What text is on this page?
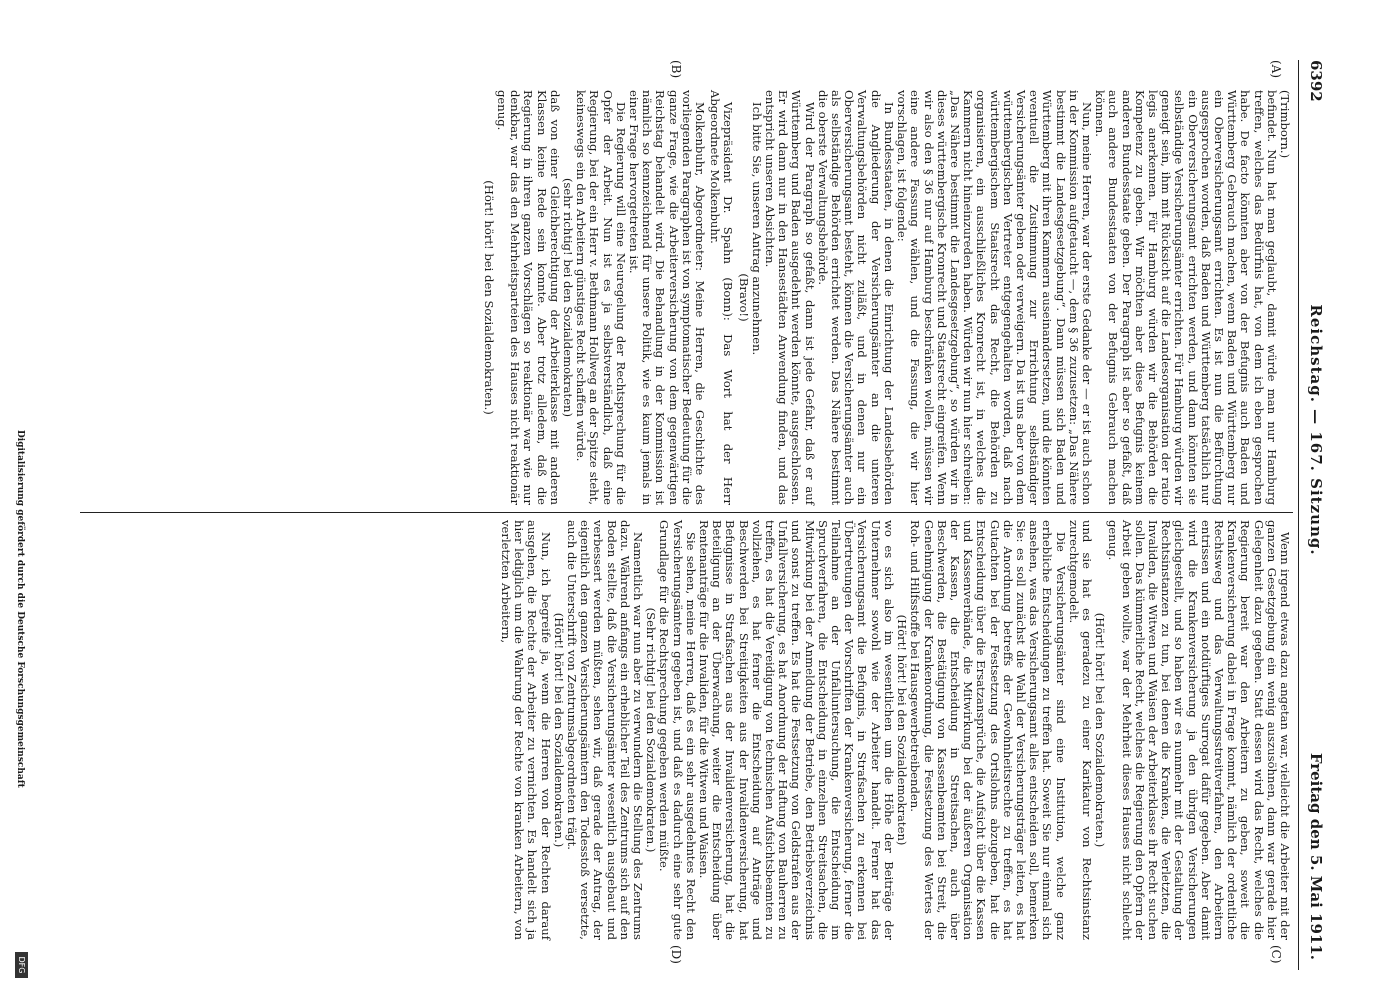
6392
Reichstag. — 167. Sitzung.
Freitag den 5. Mai 1911.
(A)
(B)
(C)
(D)

(Trimborn.)

befindet. Nun hat man geglaubt, damit würde man nur Hamburg treffen, welches das Bedürfnis hat, von dem ich eben gesprochen habe. De facto könnten aber von der Befugnis auch Baden und Württemberg Gebrauch machen, wenn Baden und Württemberg nur ein Oberversicherungsamt errichten. Es ist nun die Befürchtung ausgesprochen worden, daß Baden und Württemberg tatsächlich nur ein Oberversicherungsamt errichten werden, und dann könnten sie selbständige Versicherungsämter errichten. Für Hamburg würden wir geneigt sein, ihm mit Rücksicht auf die Landesorganisation der ratio legis anerkennen. Für Hamburg würden wir die Behörden die Kompetenz zu geben. Wir möchten aber diese Befugnis keinem anderen Bundesstaate geben. Der Paragraph ist aber so gefaßt, daß auch andere Bundesstaaten von der Befugnis Gebrauch machen können.

Nun, meine Herren, war der erste Gedanke der — er ist auch schon in der Kommission aufgetaucht —, dem § 36 zuzusetzen: „Das Nähere bestimmt die Landesgesetzgebung“. Dann müssen sich Baden und Württemberg mit ihren Kammern auseinandersetzen, und die könnten eventuell die Zustimmung zur Errichtung selbständiger Versicherungsämter geben oder verweigern. Da ist uns aber von dem württembergischen Vertreter entgegengehalten worden, daß nach württembergischem Staatsrecht das Recht, die Behörden zu organisieren, ein ausschließliches Kronrecht ist, in welches die Kammern nicht hineinzureden haben. Würden wir nun hier schreiben: „Das Nähere bestimmt die Landesgesetzgebung“, so würden wir in dieses württembergische Kronrecht und Staatsrecht eingreifen. Wenn wir also den § 36 nur auf Hamburg beschränken wollen, müssen wir eine andere Fassung wählen, und die Fassung, die wir hier vorschlagen, ist folgende:

In Bundesstaaten, in denen die Einrichtung der Landesbehörden die Angliederung der Versicherungsämter an die unteren Verwaltungsbehörden nicht zuläßt, und in denen nur ein Oberversicherungsamt besteht, können die Versicherungsämter auch als selbständige Behörden errichtet werden. Das Nähere bestimmt die oberste Verwaltungsbehörde.

Wird der Paragraph so gefaßt, dann ist jede Gefahr, daß er auf Württemberg und Baden ausgedehnt werden könnte, ausgeschlossen. Er wird dann nur in den Hansestädten Anwendung finden, und das entspricht unseren Absichten.

Ich bitte Sie, unseren Antrag anzunehmen.

(Bravo!)

Vizepräsident Dr. Spahn (Bonn): Das Wort hat der Herr Abgeordnete Molkenbuhr.

Molkenbuhr, Abgeordneter: Meine Herren, die Geschichte des vorliegenden Paragraphen ist von symptomatischer Bedeutung für die ganze Frage, wie die Arbeiterversicherung von dem gegenwärtigen Reichstag behandelt wird. Die Behandlung in der Kommission ist nämlich so kennzeichnend für unsere Politik, wie es kaum jemals in einer Frage hervorgetreten ist.

Die Regierung will eine Neuregelung der Rechtsprechung für die Opfer der Arbeit. Nun ist es ja selbstverständlich, daß eine Regierung, bei der ein Herr v. Bethmann Hollweg an der Spitze steht, keineswegs ein den Arbeitern günstiges Recht schaffen würde.

(sehr richtig! bei den Sozialdemokraten)

daß von einer Gleichberechtigung der Arbeiterklasse mit anderen Klassen keine Rede sein konnte. Aber trotz alledem, daß die Regierung in ihren ganzen Vorschlägen so reaktionär war wie nur denkbar, war das den Mehrheitsparteien des Hauses nicht reaktionär genug.

(Hört! hört! bei den Sozialdemokraten.)

Wenn irgend etwas dazu angetan war, vielleicht die Arbeiter mit der ganzen Gesetzgebung ein wenig auszusöhnen, dann war gerade hier Gelegenheit dazu gegeben. Statt dessen wird das Recht, welches die Regierung bereit war den Arbeitern zu geben, soweit die Krankenversicherung dabei in Frage kommt, nämlich der ordentliche Rechtsweg und das Verwaltungsstreitverfahren, den Arbeitern entrissen und ein notdürftiges Surrogat dafür gegeben. Aber damit wird die Krankenversicherung ja den übrigen Versicherungen gleichgestellt, und so haben wir es nunmehr mit der Gestaltung der Rechtsinstanzen zu tun, bei denen die Kranken, die Verletzten, die Invaliden, die Witwen und Waisen der Arbeiterklasse ihr Recht suchen sollen. Das kümmerliche Recht, welches die Regierung den Opfern der Arbeit geben wollte, war der Mehrheit dieses Hauses nicht schlecht genug.

(Hört! hört! bei den Sozialdemokraten.)

und sie hat es geradezu zu einer Karikatur von Rechtsinstanz zurechtgemodelt.

Die Versicherungsämter sind eine Institution, welche ganz erhebliche Entscheidungen zu treffen hat. Soweit Sie nur einmal sich ansehen, was das Versicherungsamt alles entscheiden soll, bemerken Sie: es soll zunächst die Wahl der Versicherungsträger leiten, es hat die Anordnung betreffs der Gewohnheitsrechte zu treffen, es hat Gutachten bei der Festsetzung des Ortslohns abzugeben, hat die Entscheidung über die Ersatzansprüche, die Aufsicht über die Kassen und Kassenverbände, die Mitwirkung bei der äußeren Organisation der Kassen, die Entscheidung in Streitsachen, auch über Beschwerden, die Bestätigung von Kassenbeamten bei Streit, die Genehmigung der Krankenordnung, die Festsetzung des Wertes der Roh- und Hilfsstoffe bei Hausgewerbetreibenden.

(Hört! hört! bei den Sozialdemokraten)

wo es sich also im wesentlichen um die Höhe der Beiträge der Unternehmer sowohl wie der Arbeiter handelt. Ferner hat das Versicherungsamt die Befugnis, in Strafsachen zu erkennen bei Übertretungen der Vorschriften der Krankenversicherung, ferner die Teilnahme an der Unfalluntersuchung, die Entscheidung im Spruchverfahren, die Entscheidung in einzelnen Streitsachen, die Mitwirkung bei der Anmeldung der Betriebe, den Betriebsverzeichnis und sonst zu treffen. Es hat die Festsetzung von Geldstrafen aus der Unfallversicherung, es hat Anordnung der Haftung von Bauherren zu treffen, es hat die Vereidigung von technischen Aufsichtsbeamten zu vollziehen, es hat ferner die Entscheidung auf Anträge und Beschwerden bei Streitigkeiten aus der Invalidenversicherung, hat Befugnisse in Strafsachen aus der Invalidenversicherung, hat die Beteiligung an der Überwachung, weiter die Entscheidung über Rentenanträge für die Invaliden, für die Witwen und Waisen.

Sie sehen, meine Herren, daß es ein sehr ausgedehntes Recht den Versicherungsämtern gegeben ist, und daß es dadurch eine sehr gute Grundlage für die Rechtsprechung gegeben werden müßte.

(Sehr richtig! bei den Sozialdemokraten.)

Namentlich war nun aber zu verwundern die Stellung des Zentrums dazu. Während anfangs ein erheblicher Teil des Zentrums sich auf den Boden stellte, daß die Versicherungsämter wesentlich ausgebaut und verbessert werden müßten, sehen wir, daß gerade der Antrag, der eigentlich den ganzen Versicherungsämtern den Todesstoß versetzte, auch die Unterschrift von Zentrumsabgeordneten trägt.

(Hört! hört! bei den Sozialdemokraten.)

Nun, ich begreife ja, wenn die Herren von der Rechten darauf ausgehen, die Rechte der Arbeiter zu vernichten. Es handelt sich ja hier lediglich um die Wahrung der Rechte von kranken Arbeitern, von verletzten Arbeitern,

Digitalisierung gefördert durch die Deutsche Forschungsgemeinschaft
DFG
